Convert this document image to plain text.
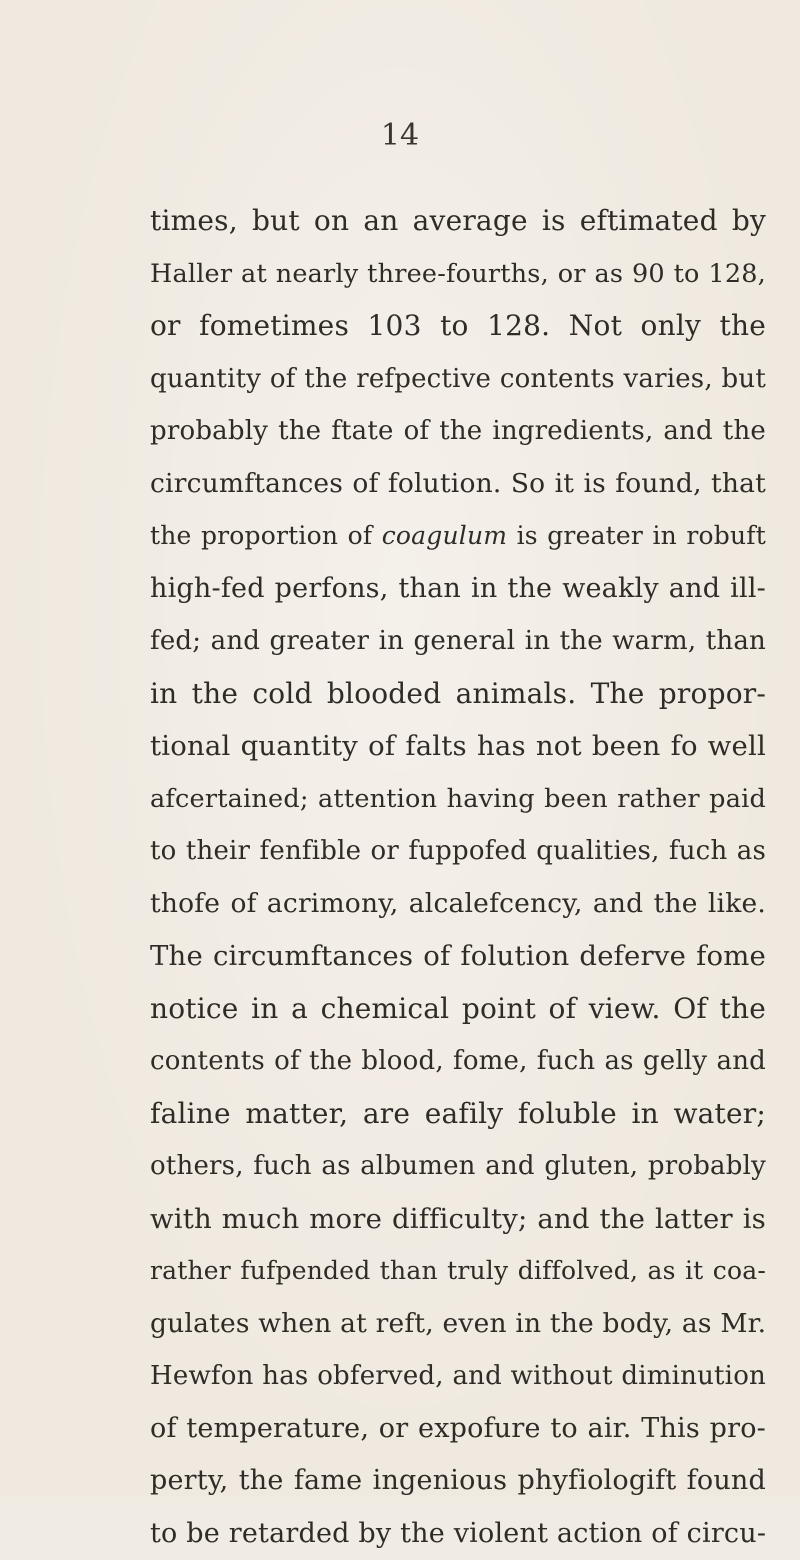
14
times, but on an average is eftimated by
Haller at nearly three-fourths, or as 90 to 128,
or fometimes 103 to 128. Not only the
quantity of the refpective contents varies, but
probably the ftate of the ingredients, and the
circumftances of folution. So it is found, that
the proportion of coagulum is greater in robuft
high-fed perfons, than in the weakly and ill-
fed; and greater in general in the warm, than
in the cold blooded animals. The propor-
tional quantity of falts has not been fo well
afcertained; attention having been rather paid
to their fenfible or fuppofed qualities, fuch as
thofe of acrimony, alcalefcency, and the like.
The circumftances of folution deferve fome
notice in a chemical point of view. Of the
contents of the blood, fome, fuch as gelly and
faline matter, are eafily foluble in water;
others, fuch as albumen and gluten, probably
with much more difficulty; and the latter is
rather fufpended than truly diffolved, as it coa-
gulates when at reft, even in the body, as Mr.
Hewfon has obferved, and without diminution
of temperature, or expofure to air. This pro-
perty, the fame ingenious phyfiologift found
to be retarded by the violent action of circu-
